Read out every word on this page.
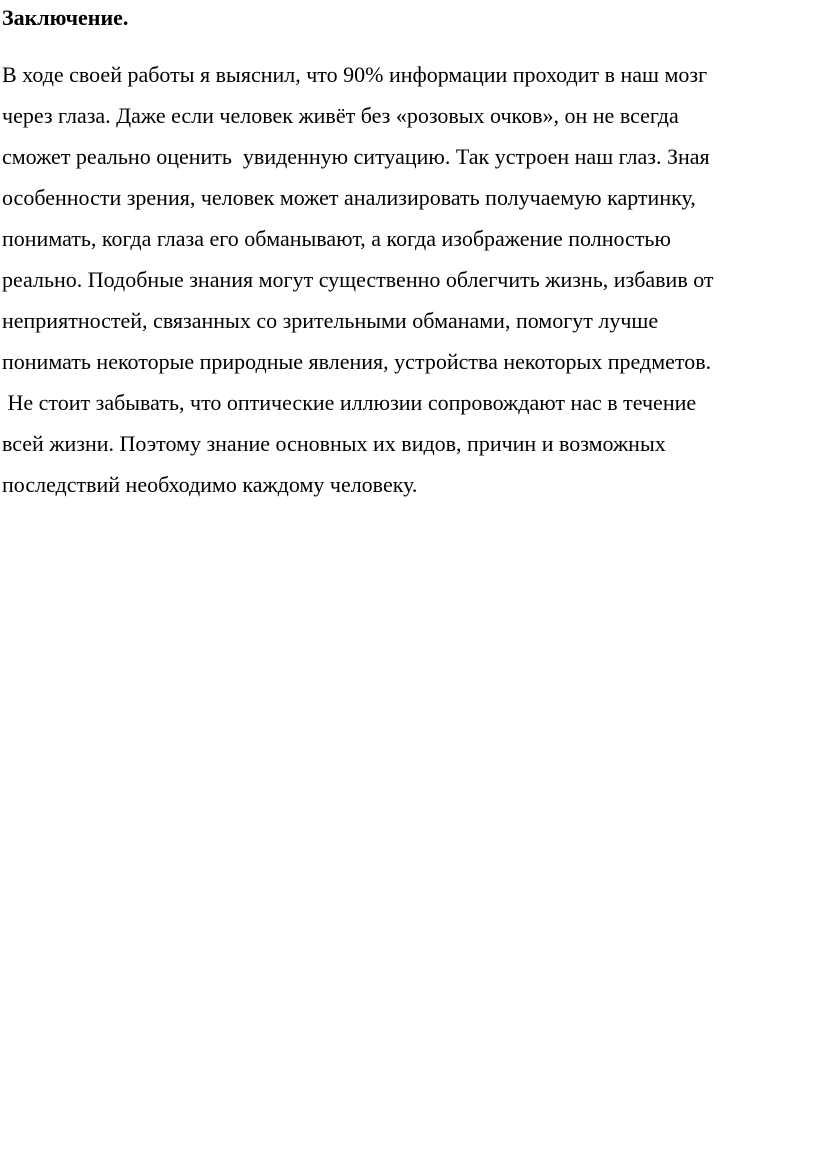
Заключение.
В ходе своей работы я выяснил, что 90% информации проходит в наш мозг
через глаза. Даже если человек живёт без «розовых очков», он не всегда
сможет реально оценить  увиденную ситуацию. Так устроен наш глаз. Зная
особенности зрения, человек может анализировать получаемую картинку,
понимать, когда глаза его обманывают, а когда изображение полностью
реально. Подобные знания могут существенно облегчить жизнь, избавив от
неприятностей, связанных со зрительными обманами, помогут лучше
понимать некоторые природные явления, устройства некоторых предметов.
Не стоит забывать, что оптические иллюзии сопровождают нас в течение
всей жизни. Поэтому знание основных их видов, причин и возможных
последствий необходимо каждому человеку.
